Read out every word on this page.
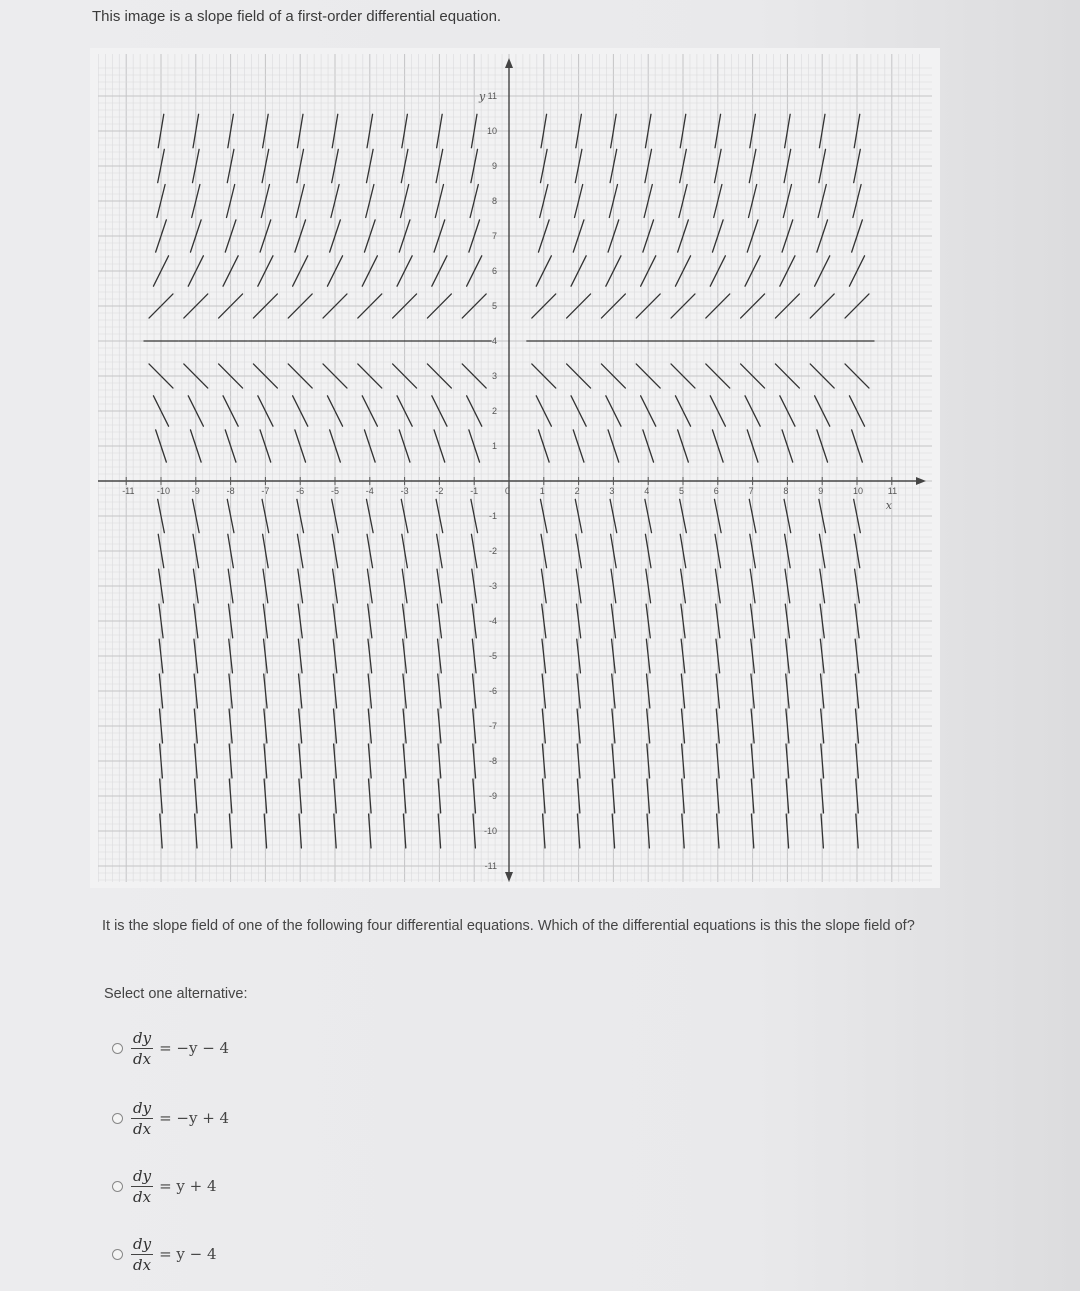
This image is a slope field of a first-order differential equation.
-11 -10 -9	-8	-7	-6	-5	-4	-3	-2	-1	0	1	2	3	4	5	6	7	8	9	10	11
-11
-10
-9
-8
-7
-6
-5
-4
-3
-2
-1
1
2
3
4
5
6
7
8
9
10
11
x
y
It is the slope field of one of the following four differential equations. Which of the differential equations is this the slope field of?
Select one alternative:
$\frac{dy}{dx} = -y - 4$
$\frac{dy}{dx} = -y + 4$
$\frac{dy}{dx} = y + 4$
$\frac{dy}{dx} = y - 4$
